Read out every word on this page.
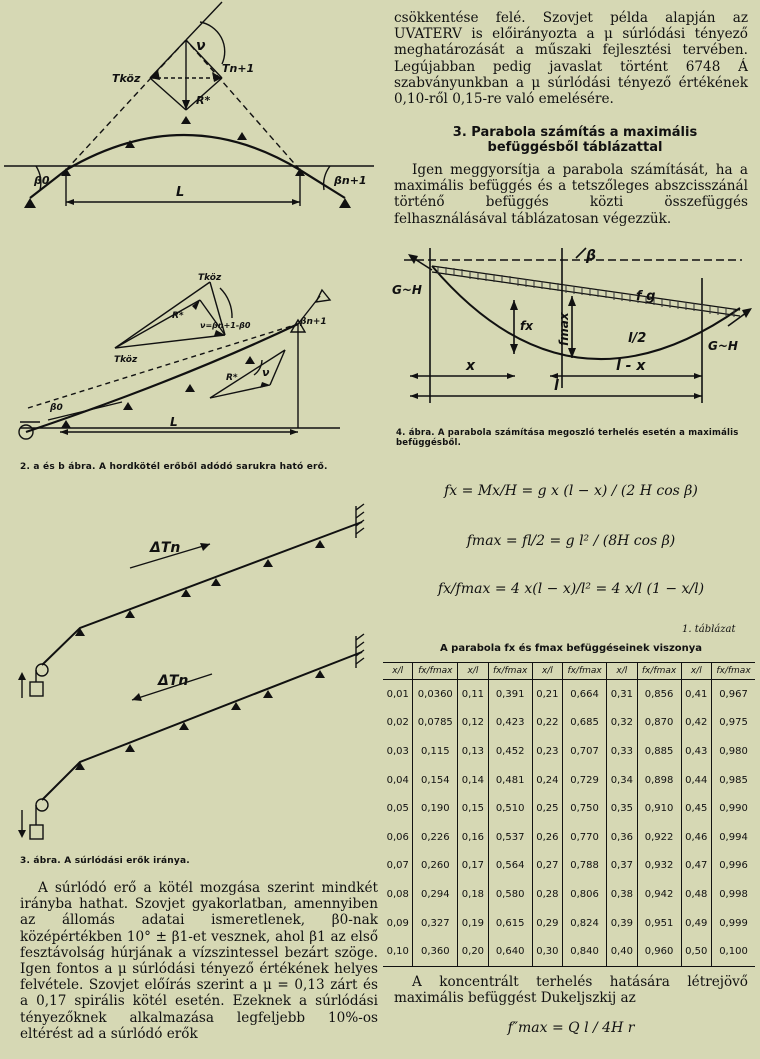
Tköz
Tn+1
ν
R*
β0	βn+1
L
Tköz
Tköz
R*
ν=βn+1-β0	βn+1
R* ν
β0
L
2. a és b ábra. A hordkötél erőből adódó sarukra ható erő.
ΔTn
ΔTn
3. ábra. A súrlódási erők iránya.

A súrlódó erő a kötél mozgása szerint mindkét irányba hathat. Szovjet gyakorlatban, amennyiben az állomás adatai ismeretlenek, β0-nak középértékben 10° ± β1-et vesznek, ahol β1 az első fesztávolság húrjának a vízszintessel bezárt szöge. Igen fontos a μ súrlódási tényező értékének helyes felvétele. Szovjet előírás szerint a μ = 0,13 zárt és a 0,17 spirális kötél esetén. Ezeknek a súrlódási tényezőknek alkalmazása legfeljebb 10%-os eltérést ad a súrlódó erők

csökkentése felé. Szovjet példa alapján az UVATERV is előirányozta a μ súrlódási tényező meghatározását a műszaki fejlesztési tervében. Legújabban pedig javaslat történt 6748 Á szabványunkban a μ súrlódási tényező értékének 0,10-ről 0,15-re való emelésére.

3. Parabola számítás a maximális befüggésből táblázattal

Igen meggyorsítja a parabola számítását, ha a maximális befüggés és a tetszőleges abszcisszánál történő befüggés közti összefüggés felhasználásával táblázatosan végezzük.

β
G~H
G~H
fx fmax
f g
l/2
x	l - x
l
4. ábra. A parabola számítása megoszló terhelés esetén a maximális befüggésből.
fx = Mx/H = g x (l − x) / (2 H cos β)
fmax = fl/2 = g l² / (8H cos β)
fx/fmax = 4 x(l − x)/l² = 4 x/l (1 − x/l)
1. táblázat
A parabola fx és fmax befüggéseinek viszonya
x/l	fx/fmax	x/l	fx/fmax	x/l	fx/fmax	x/l	fx/fmax	x/l	fx/fmax
0,01	0,0360	0,11	0,391	0,21	0,664	0,31	0,856	0,41	0,967
0,02	0,0785	0,12	0,423	0,22	0,685	0,32	0,870	0,42	0,975
0,03	0,115	0,13	0,452	0,23	0,707	0,33	0,885	0,43	0,980
0,04	0,154	0,14	0,481	0,24	0,729	0,34	0,898	0,44	0,985
0,05	0,190	0,15	0,510	0,25	0,750	0,35	0,910	0,45	0,990
0,06	0,226	0,16	0,537	0,26	0,770	0,36	0,922	0,46	0,994
0,07	0,260	0,17	0,564	0,27	0,788	0,37	0,932	0,47	0,996
0,08	0,294	0,18	0,580	0,28	0,806	0,38	0,942	0,48	0,998
0,09	0,327	0,19	0,615	0,29	0,824	0,39	0,951	0,49	0,999
0,10	0,360	0,20	0,640	0,30	0,840	0,40	0,960	0,50	0,100

A koncentrált terhelés hatására létrejövő maximális befüggést Dukeljszkij az

f″max = Q l / 4H r
